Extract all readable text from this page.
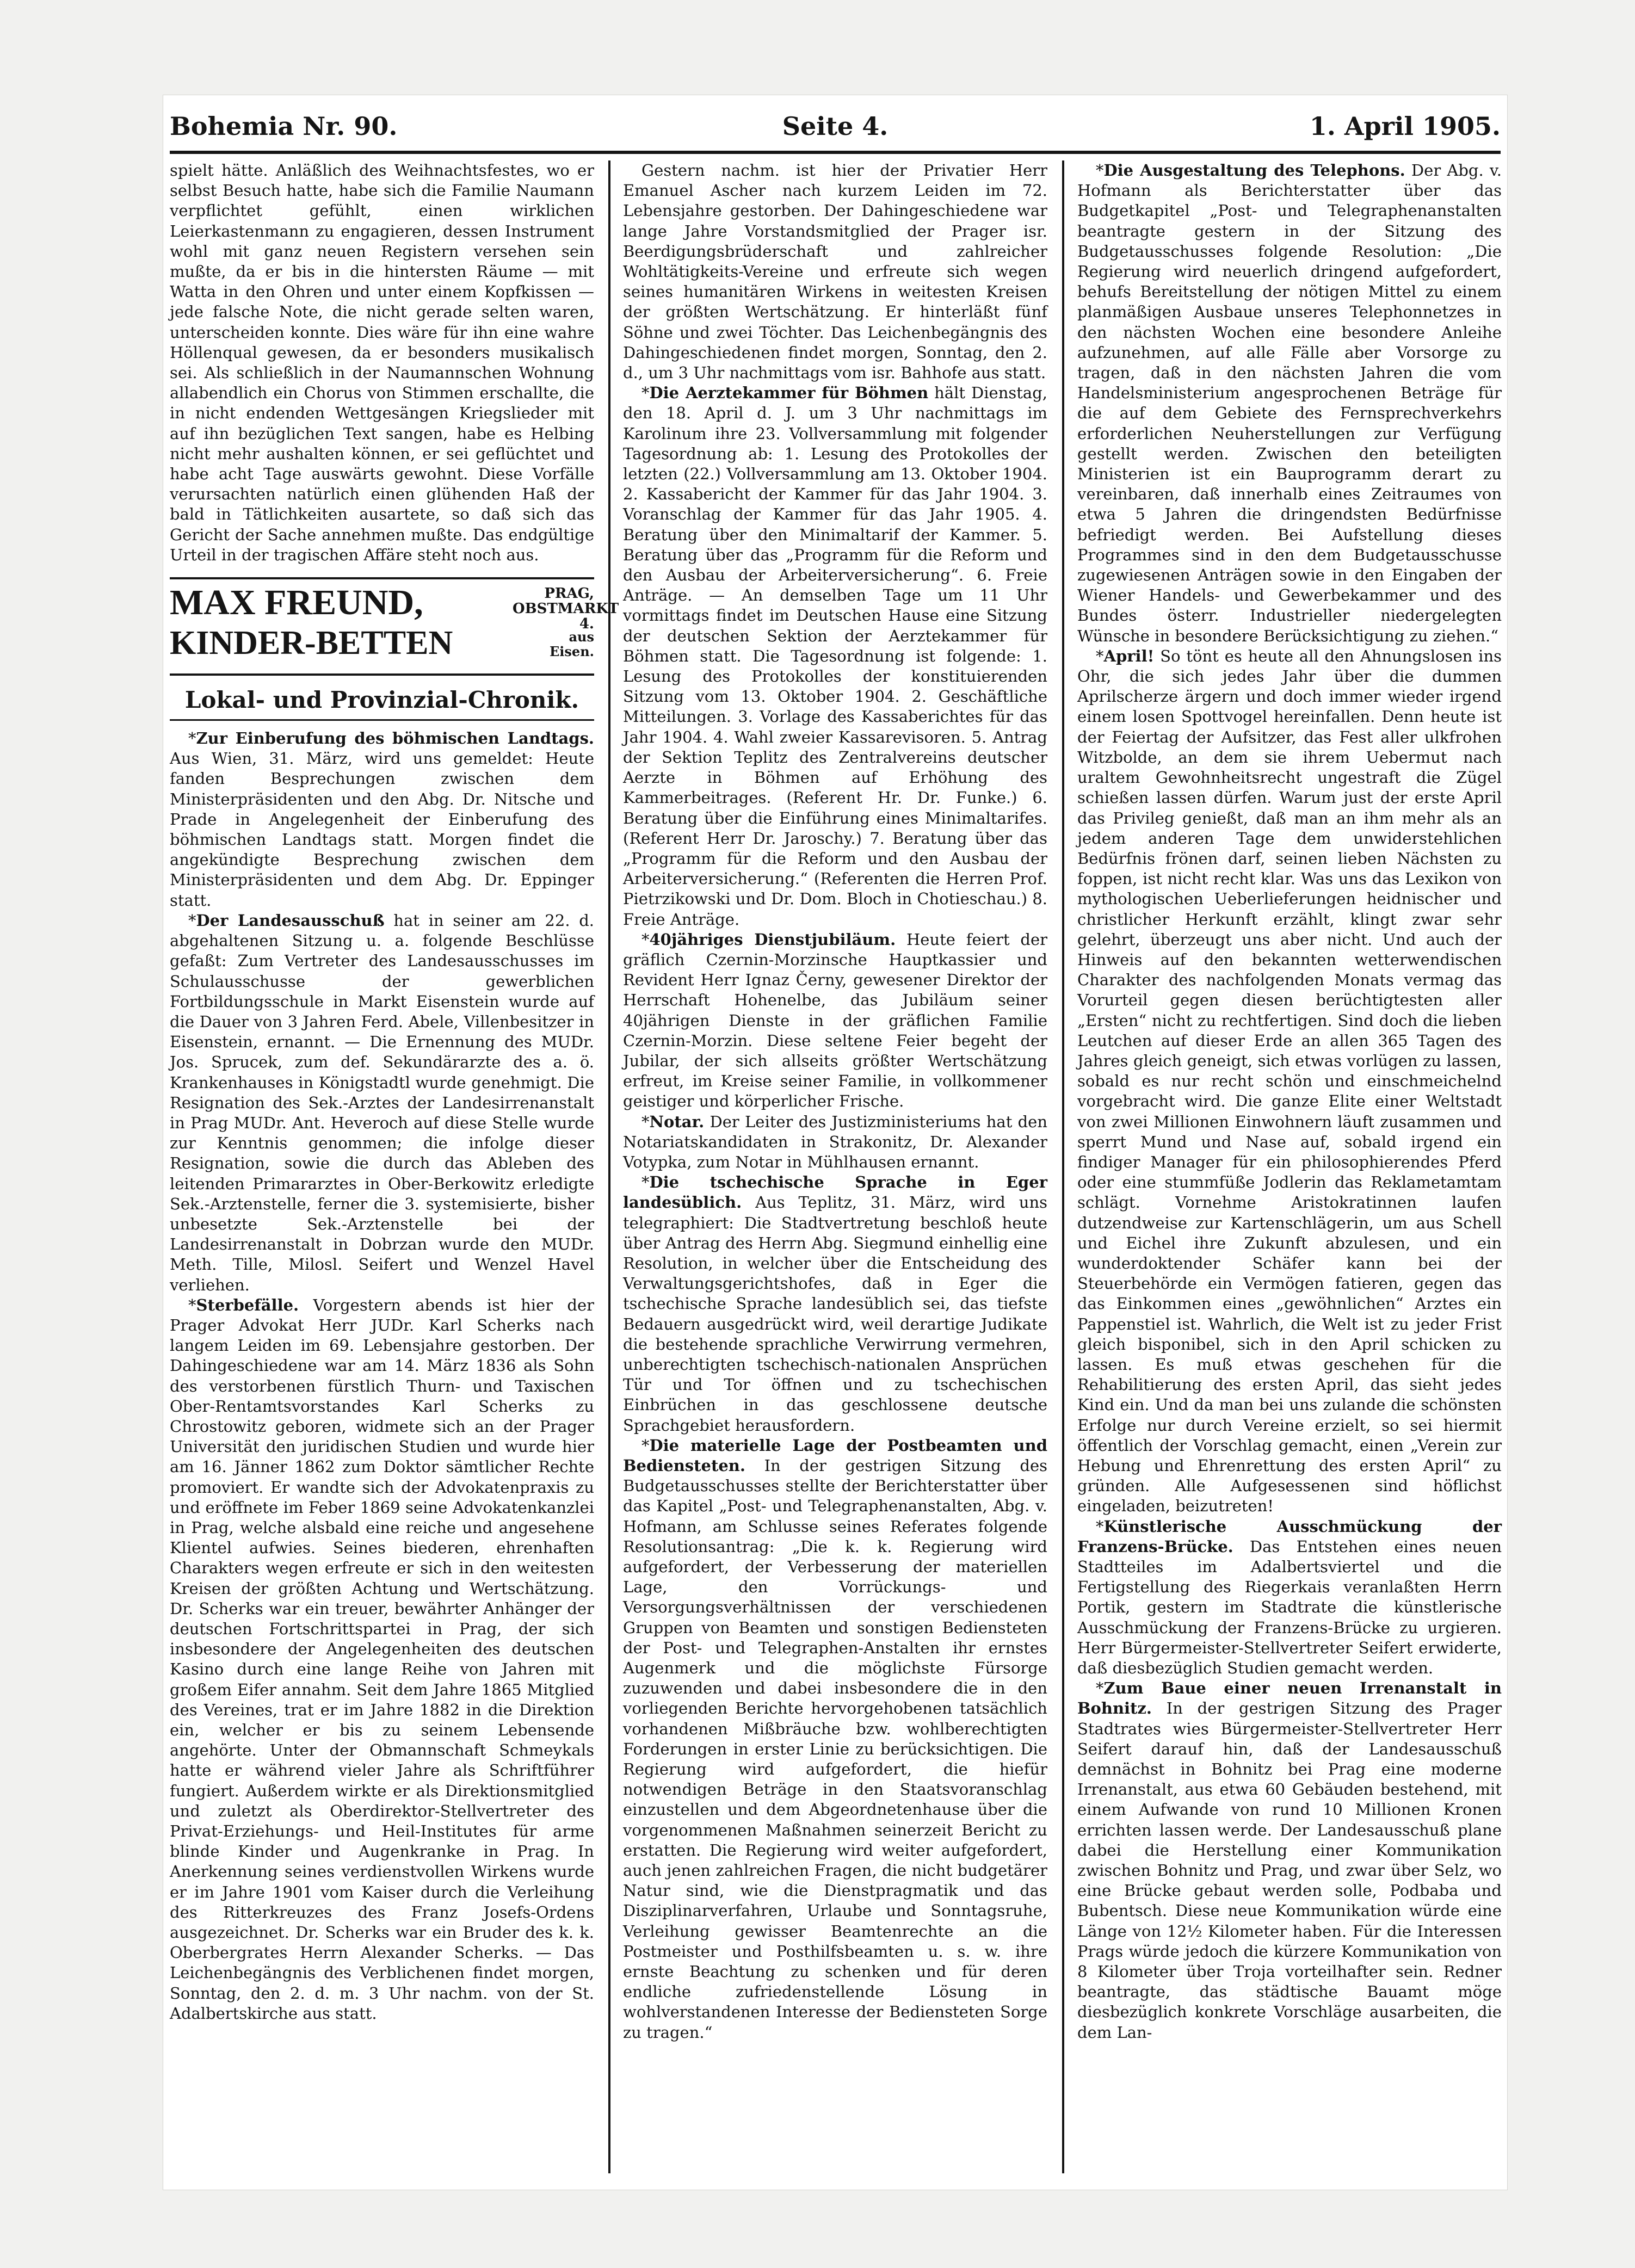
Bohemia Nr. 90.	Seite 4.	1. April 1905.

spielt hätte. Anläßlich des Weihnachtsfestes, wo er selbst Besuch hatte, habe sich die Familie Naumann verpflichtet gefühlt, einen wirklichen Leierkastenmann zu engagieren, dessen Instrument wohl mit ganz neuen Registern versehen sein mußte, da er bis in die hintersten Räume — mit Watta in den Ohren und unter einem Kopfkissen — jede falsche Note, die nicht gerade selten waren, unterscheiden konnte. Dies wäre für ihn eine wahre Höllenqual gewesen, da er besonders musikalisch sei. Als schließlich in der Naumannschen Wohnung allabendlich ein Chorus von Stimmen erschallte, die in nicht endenden Wettgesängen Kriegslieder mit auf ihn bezüglichen Text sangen, habe es Helbing nicht mehr aushalten können, er sei geflüchtet und habe acht Tage auswärts gewohnt. Diese Vorfälle verursachten natürlich einen glühenden Haß der bald in Tätlichkeiten ausartete, so daß sich das Gericht der Sache annehmen mußte. Das endgültige Urteil in der tragischen Affäre steht noch aus.

MAX FREUND,	PRAG, OBSTMARKT 4.
KINDER-BETTEN	aus Eisen.
Lokal- und Provinzial-Chronik.

*Zur Einberufung des böhmischen Landtags. Aus Wien, 31. März, wird uns gemeldet: Heute fanden Besprechungen zwischen dem Ministerpräsidenten und den Abg. Dr. Nitsche und Prade in Angelegenheit der Einberufung des böhmischen Landtags statt. Morgen findet die angekündigte Besprechung zwischen dem Ministerpräsidenten und dem Abg. Dr. Eppinger statt.

*Der Landesausschuß hat in seiner am 22. d. abgehaltenen Sitzung u. a. folgende Beschlüsse gefaßt: Zum Vertreter des Landesausschusses im Schulausschusse der gewerblichen Fortbildungsschule in Markt Eisenstein wurde auf die Dauer von 3 Jahren Ferd. Abele, Villenbesitzer in Eisenstein, ernannt. — Die Ernennung des MUDr. Jos. Sprucek, zum def. Sekundärarzte des a. ö. Krankenhauses in Königstadtl wurde genehmigt. Die Resignation des Sek.-Arztes der Landesirrenanstalt in Prag MUDr. Ant. Heveroch auf diese Stelle wurde zur Kenntnis genommen; die infolge dieser Resignation, sowie die durch das Ableben des leitenden Primararztes in Ober-Berkowitz erledigte Sek.-Arztenstelle, ferner die 3. systemisierte, bisher unbesetzte Sek.-Arztenstelle bei der Landesirrenanstalt in Dobrzan wurde den MUDr. Meth. Tille, Milosl. Seifert und Wenzel Havel verliehen.

*Sterbefälle. Vorgestern abends ist hier der Prager Advokat Herr JUDr. Karl Scherks nach langem Leiden im 69. Lebensjahre gestorben. Der Dahingeschiedene war am 14. März 1836 als Sohn des verstorbenen fürstlich Thurn- und Taxischen Ober-Rentamtsvorstandes Karl Scherks zu Chrostowitz geboren, widmete sich an der Prager Universität den juridischen Studien und wurde hier am 16. Jänner 1862 zum Doktor sämtlicher Rechte promoviert. Er wandte sich der Advokatenpraxis zu und eröffnete im Feber 1869 seine Advokatenkanzlei in Prag, welche alsbald eine reiche und angesehene Klientel aufwies. Seines biederen, ehrenhaften Charakters wegen erfreute er sich in den weitesten Kreisen der größten Achtung und Wertschätzung. Dr. Scherks war ein treuer, bewährter Anhänger der deutschen Fortschrittspartei in Prag, der sich insbesondere der Angelegenheiten des deutschen Kasino durch eine lange Reihe von Jahren mit großem Eifer annahm. Seit dem Jahre 1865 Mitglied des Vereines, trat er im Jahre 1882 in die Direktion ein, welcher er bis zu seinem Lebensende angehörte. Unter der Obmannschaft Schmeykals hatte er während vieler Jahre als Schriftführer fungiert. Außerdem wirkte er als Direktionsmitglied und zuletzt als Oberdirektor-Stellvertreter des Privat-Erziehungs- und Heil-Institutes für arme blinde Kinder und Augenkranke in Prag. In Anerkennung seines verdienstvollen Wirkens wurde er im Jahre 1901 vom Kaiser durch die Verleihung des Ritterkreuzes des Franz Josefs-Ordens ausgezeichnet. Dr. Scherks war ein Bruder des k. k. Oberbergrates Herrn Alexander Scherks. — Das Leichenbegängnis des Verblichenen findet morgen, Sonntag, den 2. d. m. 3 Uhr nachm. von der St. Adalbertskirche aus statt.

Gestern nachm. ist hier der Privatier Herr Emanuel Ascher nach kurzem Leiden im 72. Lebensjahre gestorben. Der Dahingeschiedene war lange Jahre Vorstandsmitglied der Prager isr. Beerdigungsbrüderschaft und zahlreicher Wohltätigkeits-Vereine und erfreute sich wegen seines humanitären Wirkens in weitesten Kreisen der größten Wertschätzung. Er hinterläßt fünf Söhne und zwei Töchter. Das Leichenbegängnis des Dahingeschiedenen findet morgen, Sonntag, den 2. d., um 3 Uhr nachmittags vom isr. Bahhofe aus statt.

*Die Aerztekammer für Böhmen hält Dienstag, den 18. April d. J. um 3 Uhr nachmittags im Karolinum ihre 23. Vollversammlung mit folgender Tagesordnung ab: 1. Lesung des Protokolles der letzten (22.) Vollversammlung am 13. Oktober 1904. 2. Kassabericht der Kammer für das Jahr 1904. 3. Voranschlag der Kammer für das Jahr 1905. 4. Beratung über den Minimaltarif der Kammer. 5. Beratung über das „Programm für die Reform und den Ausbau der Arbeiterversicherung“. 6. Freie Anträge. — An demselben Tage um 11 Uhr vormittags findet im Deutschen Hause eine Sitzung der deutschen Sektion der Aerztekammer für Böhmen statt. Die Tagesordnung ist folgende: 1. Lesung des Protokolles der konstituierenden Sitzung vom 13. Oktober 1904. 2. Geschäftliche Mitteilungen. 3. Vorlage des Kassaberichtes für das Jahr 1904. 4. Wahl zweier Kassarevisoren. 5. Antrag der Sektion Teplitz des Zentralvereins deutscher Aerzte in Böhmen auf Erhöhung des Kammerbeitrages. (Referent Hr. Dr. Funke.) 6. Beratung über die Einführung eines Minimaltarifes. (Referent Herr Dr. Jaroschy.) 7. Beratung über das „Programm für die Reform und den Ausbau der Arbeiterversicherung.“ (Referenten die Herren Prof. Pietrzikowski und Dr. Dom. Bloch in Chotieschau.) 8. Freie Anträge.

*40jähriges Dienstjubiläum. Heute feiert der gräflich Czernin-Morzinsche Hauptkassier und Revident Herr Ignaz Černy, gewesener Direktor der Herrschaft Hohenelbe, das Jubiläum seiner 40jährigen Dienste in der gräflichen Familie Czernin-Morzin. Diese seltene Feier begeht der Jubilar, der sich allseits größter Wertschätzung erfreut, im Kreise seiner Familie, in vollkommener geistiger und körperlicher Frische.

*Notar. Der Leiter des Justizministeriums hat den Notariatskandidaten in Strakonitz, Dr. Alexander Votypka, zum Notar in Mühlhausen ernannt.

*Die tschechische Sprache in Eger landesüblich. Aus Teplitz, 31. März, wird uns telegraphiert: Die Stadtvertretung beschloß heute über Antrag des Herrn Abg. Siegmund einhellig eine Resolution, in welcher über die Entscheidung des Verwaltungsgerichtshofes, daß in Eger die tschechische Sprache landesüblich sei, das tiefste Bedauern ausgedrückt wird, weil derartige Judikate die bestehende sprachliche Verwirrung vermehren, unberechtigten tschechisch-nationalen Ansprüchen Tür und Tor öffnen und zu tschechischen Einbrüchen in das geschlossene deutsche Sprachgebiet herausfordern.

*Die materielle Lage der Postbeamten und Bediensteten. In der gestrigen Sitzung des Budgetausschusses stellte der Berichterstatter über das Kapitel „Post- und Telegraphenanstalten, Abg. v. Hofmann, am Schlusse seines Referates folgende Resolutionsantrag: „Die k. k. Regierung wird aufgefordert, der Verbesserung der materiellen Lage, den Vorrückungs- und Versorgungsverhältnissen der verschiedenen Gruppen von Beamten und sonstigen Bediensteten der Post- und Telegraphen-Anstalten ihr ernstes Augenmerk und die möglichste Fürsorge zuzuwenden und dabei insbesondere die in den vorliegenden Berichte hervorgehobenen tatsächlich vorhandenen Mißbräuche bzw. wohlberechtigten Forderungen in erster Linie zu berücksichtigen. Die Regierung wird aufgefordert, die hiefür notwendigen Beträge in den Staatsvoranschlag einzustellen und dem Abgeordnetenhause über die vorgenommenen Maßnahmen seinerzeit Bericht zu erstatten. Die Regierung wird weiter aufgefordert, auch jenen zahlreichen Fragen, die nicht budgetärer Natur sind, wie die Dienstpragmatik und das Disziplinarverfahren, Urlaube und Sonntagsruhe, Verleihung gewisser Beamtenrechte an die Postmeister und Posthilfsbeamten u. s. w. ihre ernste Beachtung zu schenken und für deren endliche zufriedenstellende Lösung in wohlverstandenen Interesse der Bediensteten Sorge zu tragen.“

*Die Ausgestaltung des Telephons. Der Abg. v. Hofmann als Berichterstatter über das Budgetkapitel „Post- und Telegraphenanstalten beantragte gestern in der Sitzung des Budgetausschusses folgende Resolution: „Die Regierung wird neuerlich dringend aufgefordert, behufs Bereitstellung der nötigen Mittel zu einem planmäßigen Ausbaue unseres Telephonnetzes in den nächsten Wochen eine besondere Anleihe aufzunehmen, auf alle Fälle aber Vorsorge zu tragen, daß in den nächsten Jahren die vom Handelsministerium angesprochenen Beträge für die auf dem Gebiete des Fernsprechverkehrs erforderlichen Neuherstellungen zur Verfügung gestellt werden. Zwischen den beteiligten Ministerien ist ein Bauprogramm derart zu vereinbaren, daß innerhalb eines Zeitraumes von etwa 5 Jahren die dringendsten Bedürfnisse befriedigt werden. Bei Aufstellung dieses Programmes sind in den dem Budgetausschusse zugewiesenen Anträgen sowie in den Eingaben der Wiener Handels- und Gewerbekammer und des Bundes österr. Industrieller niedergelegten Wünsche in besondere Berücksichtigung zu ziehen.“

*April! So tönt es heute all den Ahnungslosen ins Ohr, die sich jedes Jahr über die dummen Aprilscherze ärgern und doch immer wieder irgend einem losen Spottvogel hereinfallen. Denn heute ist der Feiertag der Aufsitzer, das Fest aller ulkfrohen Witzbolde, an dem sie ihrem Uebermut nach uraltem Gewohnheitsrecht ungestraft die Zügel schießen lassen dürfen. Warum just der erste April das Privileg genießt, daß man an ihm mehr als an jedem anderen Tage dem unwiderstehlichen Bedürfnis frönen darf, seinen lieben Nächsten zu foppen, ist nicht recht klar. Was uns das Lexikon von mythologischen Ueberlieferungen heidnischer und christlicher Herkunft erzählt, klingt zwar sehr gelehrt, überzeugt uns aber nicht. Und auch der Hinweis auf den bekannten wetterwendischen Charakter des nachfolgenden Monats vermag das Vorurteil gegen diesen berüchtigtesten aller „Ersten“ nicht zu rechtfertigen. Sind doch die lieben Leutchen auf dieser Erde an allen 365 Tagen des Jahres gleich geneigt, sich etwas vorlügen zu lassen, sobald es nur recht schön und einschmeichelnd vorgebracht wird. Die ganze Elite einer Weltstadt von zwei Millionen Einwohnern läuft zusammen und sperrt Mund und Nase auf, sobald irgend ein findiger Manager für ein philosophierendes Pferd oder eine stummfüße Jodlerin das Reklametamtam schlägt. Vornehme Aristokratinnen laufen dutzendweise zur Kartenschlägerin, um aus Schell und Eichel ihre Zukunft abzulesen, und ein wunderdoktender Schäfer kann bei der Steuerbehörde ein Vermögen fatieren, gegen das das Einkommen eines „gewöhnlichen“ Arztes ein Pappenstiel ist. Wahrlich, die Welt ist zu jeder Frist gleich bisponibel, sich in den April schicken zu lassen. Es muß etwas geschehen für die Rehabilitierung des ersten April, das sieht jedes Kind ein. Und da man bei uns zulande die schönsten Erfolge nur durch Vereine erzielt, so sei hiermit öffentlich der Vorschlag gemacht, einen „Verein zur Hebung und Ehrenrettung des ersten April“ zu gründen. Alle Aufgesessenen sind höflichst eingeladen, beizutreten!

*Künstlerische Ausschmückung der Franzens-Brücke. Das Entstehen eines neuen Stadtteiles im Adalbertsviertel und die Fertigstellung des Riegerkais veranlaßten Herrn Portik, gestern im Stadtrate die künstlerische Ausschmückung der Franzens-Brücke zu urgieren. Herr Bürgermeister-Stellvertreter Seifert erwiderte, daß diesbezüglich Studien gemacht werden.

*Zum Baue einer neuen Irrenanstalt in Bohnitz. In der gestrigen Sitzung des Prager Stadtrates wies Bürgermeister-Stellvertreter Herr Seifert darauf hin, daß der Landesausschuß demnächst in Bohnitz bei Prag eine moderne Irrenanstalt, aus etwa 60 Gebäuden bestehend, mit einem Aufwande von rund 10 Millionen Kronen errichten lassen werde. Der Landesausschuß plane dabei die Herstellung einer Kommunikation zwischen Bohnitz und Prag, und zwar über Selz, wo eine Brücke gebaut werden solle, Podbaba und Bubentsch. Diese neue Kommunikation würde eine Länge von 12½ Kilometer haben. Für die Interessen Prags würde jedoch die kürzere Kommunikation von 8 Kilometer über Troja vorteilhafter sein. Redner beantragte, das städtische Bauamt möge diesbezüglich konkrete Vorschläge ausarbeiten, die dem Lan-
